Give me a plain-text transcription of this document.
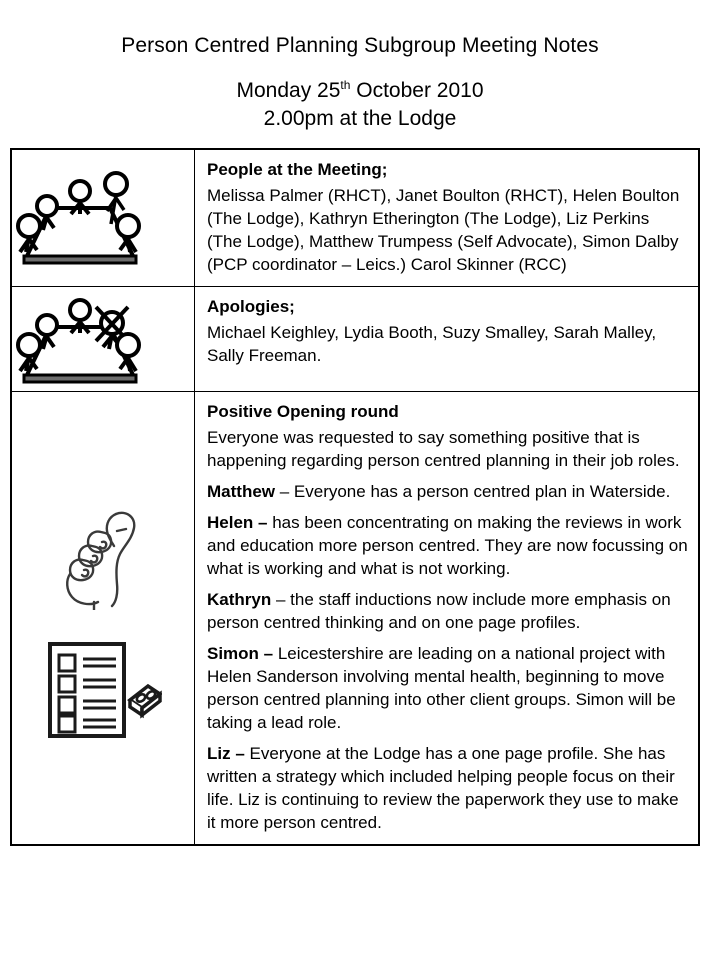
Person Centred Planning Subgroup Meeting Notes
Monday 25th October 2010
2.00pm at the Lodge

People at the Meeting;

Melissa Palmer (RHCT), Janet Boulton (RHCT), Helen Boulton (The Lodge), Kathryn Etherington (The Lodge), Liz Perkins (The Lodge), Matthew Trumpess (Self Advocate), Simon Dalby (PCP coordinator – Leics.) Carol Skinner (RCC)

Apologies;

Michael Keighley, Lydia Booth, Suzy Smalley, Sarah Malley, Sally Freeman.

Positive Opening round

Everyone was requested to say something positive that is happening regarding person centred planning in their job roles.

Matthew – Everyone has a person centred plan in Waterside.

Helen – has been concentrating on making the reviews in work and education more person centred. They are now focussing on what is working and what is not working.

Kathryn – the staff inductions now include more emphasis on person centred thinking and on one page profiles.

Simon – Leicestershire are leading on a national project with Helen Sanderson involving mental health, beginning to move person centred planning into other client groups. Simon will be taking a lead role.

Liz – Everyone at the Lodge has a one page profile. She has written a strategy which included helping people focus on their life. Liz is continuing to review the paperwork they use to make it more person centred.
